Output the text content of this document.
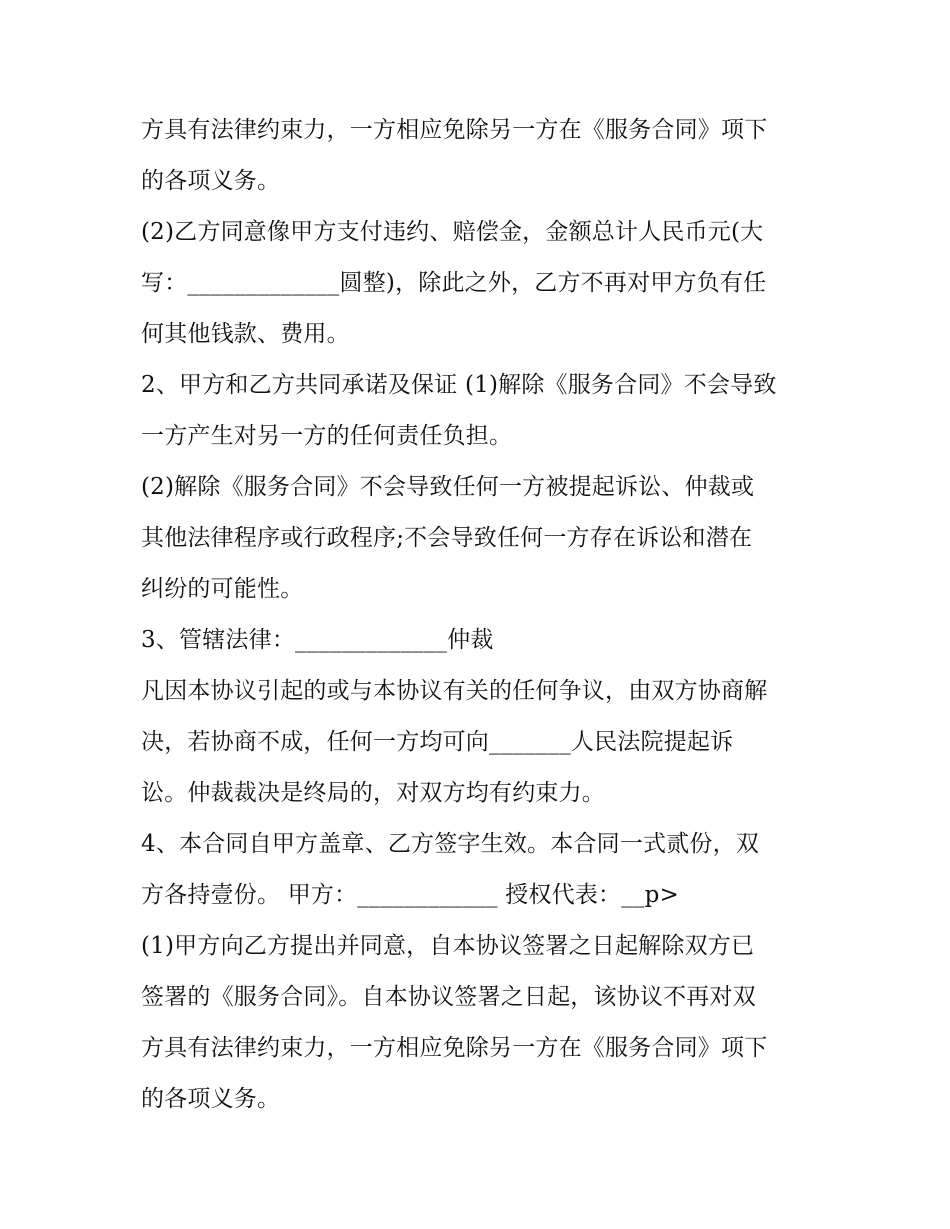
方具有法律约束力，一方相应免除另一方在《服务合同》项下
的各项义务。
(2)乙方同意像甲方支付违约、赔偿金，金额总计人民币元(大
写：_____________圆整)，除此之外，乙方不再对甲方负有任
何其他钱款、费用。
2、甲方和乙方共同承诺及保证 (1)解除《服务合同》不会导致
一方产生对另一方的任何责任负担。
(2)解除《服务合同》不会导致任何一方被提起诉讼、仲裁或
其他法律程序或行政程序;不会导致任何一方存在诉讼和潜在
纠纷的可能性。
3、管辖法律：_____________仲裁
凡因本协议引起的或与本协议有关的任何争议，由双方协商解
决，若协商不成，任何一方均可向_______人民法院提起诉
讼。仲裁裁决是终局的，对双方均有约束力。
4、本合同自甲方盖章、乙方签字生效。本合同一式贰份，双
方各持壹份。 甲方：____________ 授权代表：__p>
(1)甲方向乙方提出并同意，自本协议签署之日起解除双方已
签署的《服务合同》。自本协议签署之日起，该协议不再对双
方具有法律约束力，一方相应免除另一方在《服务合同》项下
的各项义务。
